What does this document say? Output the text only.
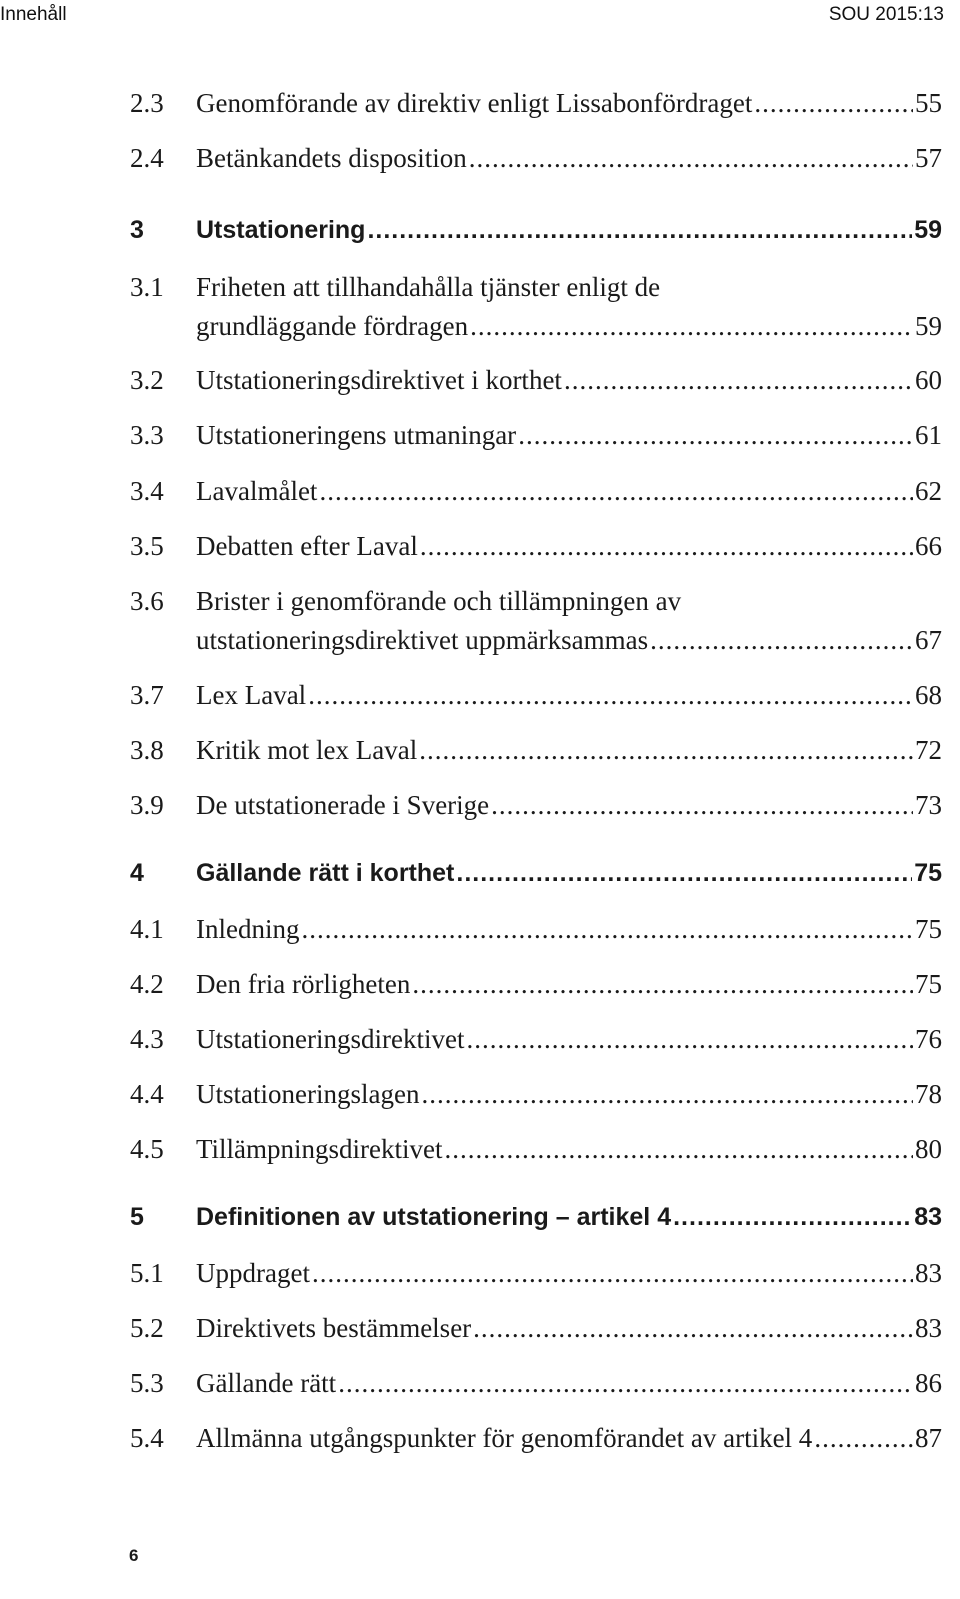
Innehåll	SOU 2015:13
2.3	Genomförande av direktiv enligt Lissabonfördraget .....	55
2.4	Betänkandets disposition .....	57
3	Utstationering .....	59
3.1	Friheten att tillhandahålla tjänster enligt de
grundläggande fördragen .....	59
3.2	Utstationeringsdirektivet i korthet .....	60
3.3	Utstationeringens utmaningar .....	61
3.4	Lavalmålet .....	62
3.5	Debatten efter Laval .....	66
3.6	Brister i genomförande och tillämpningen av
utstationeringsdirektivet uppmärksammas .....	67
3.7	Lex Laval .....	68
3.8	Kritik mot lex Laval .....	72
3.9	De utstationerade i Sverige .....	73
4	Gällande rätt i korthet .....	75
4.1	Inledning .....	75
4.2	Den fria rörligheten .....	75
4.3	Utstationeringsdirektivet .....	76
4.4	Utstationeringslagen .....	78
4.5	Tillämpningsdirektivet .....	80
5	Definitionen av utstationering – artikel 4 .....	83
5.1	Uppdraget .....	83
5.2	Direktivets bestämmelser .....	83
5.3	Gällande rätt .....	86
5.4	Allmänna utgångspunkter för genomförandet av artikel 4 .....	87
6
